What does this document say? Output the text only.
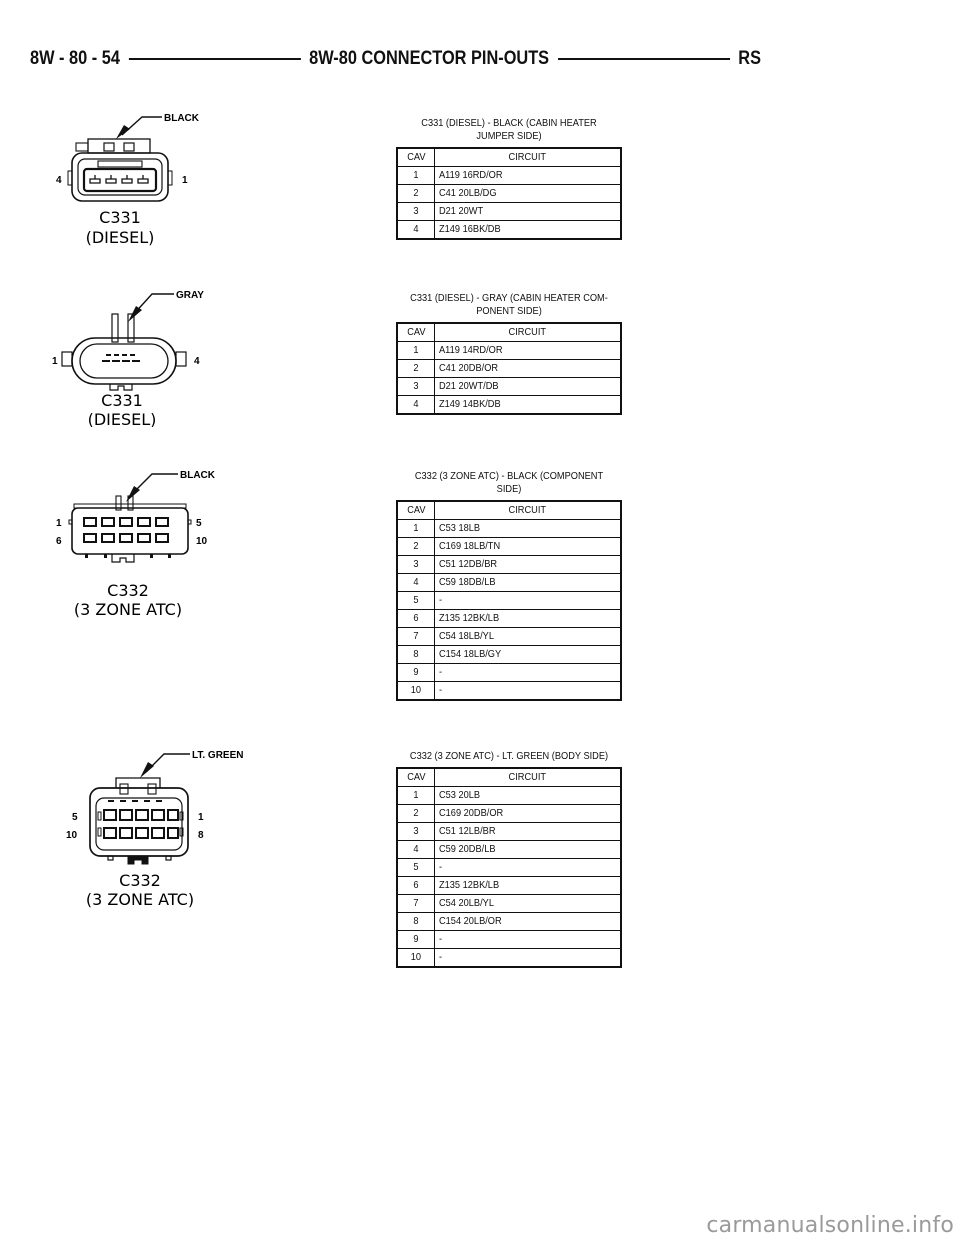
8W - 80 - 54	8W-80 CONNECTOR PIN-OUTS	RS
BLACK
4	1
C331
(DIESEL)
C331 (DIESEL) - BLACK (CABIN HEATER
JUMPER SIDE)
CAV	CIRCUIT
1	A119 16RD/OR
2	C41 20LB/DG
3	D21 20WT
4	Z149 16BK/DB
GRAY
1	4
C331
(DIESEL)
C331 (DIESEL) - GRAY (CABIN HEATER COM-
PONENT SIDE)
CAV	CIRCUIT
1	A119 14RD/OR
2	C41 20DB/OR
3	D21 20WT/DB
4	Z149 14BK/DB
BLACK
1
6
5
10
C332
(3 ZONE ATC)
C332 (3 ZONE ATC) - BLACK (COMPONENT
SIDE)
CAV	CIRCUIT
1	C53 18LB
2	C169 18LB/TN
3	C51 12DB/BR
4	C59 18DB/LB
5	-
6	Z135 12BK/LB
7	C54 18LB/YL
8	C154 18LB/GY
9	-
10	-
LT. GREEN
5
10
1
8
C332
(3 ZONE ATC)
C332 (3 ZONE ATC) - LT. GREEN (BODY SIDE)
CAV	CIRCUIT
1	C53 20LB
2	C169 20DB/OR
3	C51 12LB/BR
4	C59 20DB/LB
5	-
6	Z135 12BK/LB
7	C54 20LB/YL
8	C154 20LB/OR
9	-
10	-
carmanualsonline.info
